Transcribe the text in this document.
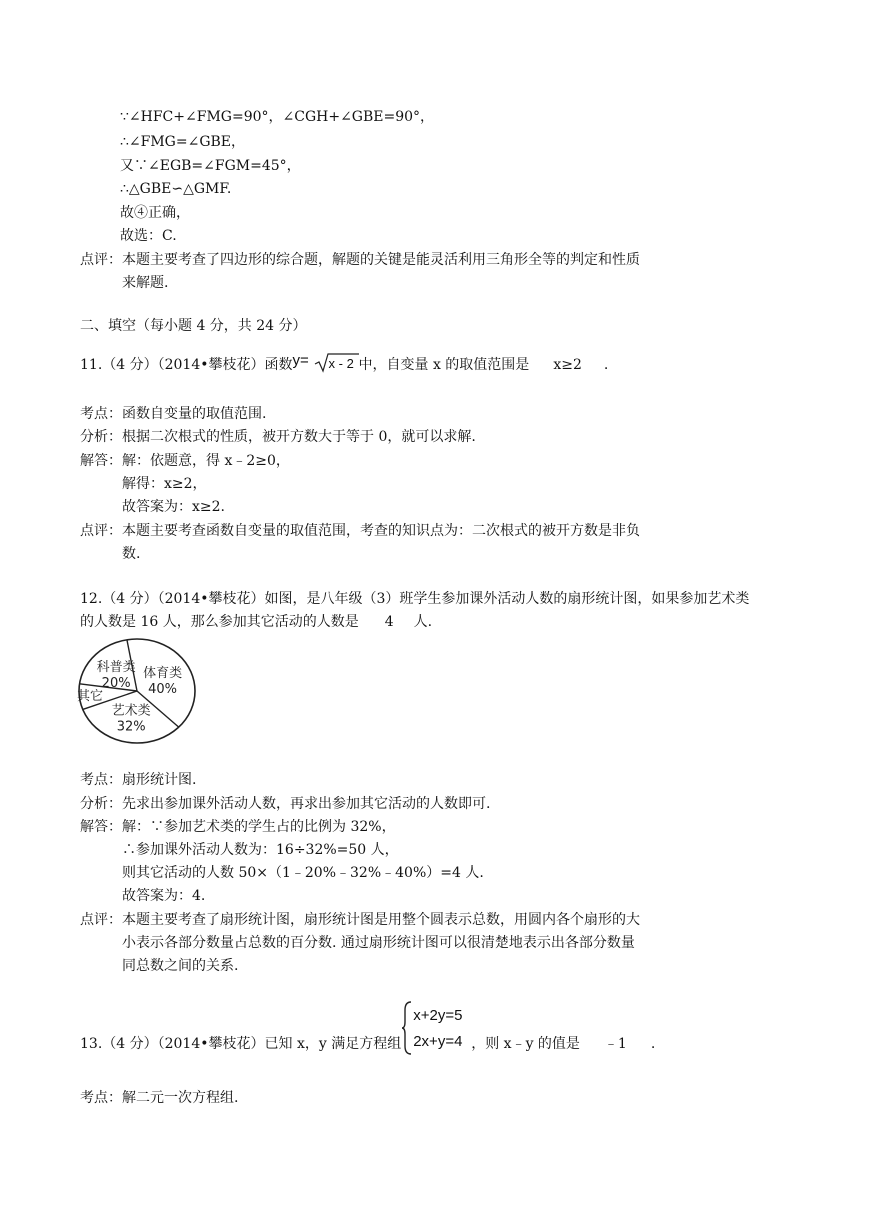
∵∠HFC+∠FMG=90°，∠CGH+∠GBE=90°，
∴∠FMG=∠GBE，
又∵∠EGB=∠FGM=45°，
∴△GBE∽△GMF.
故④正确，
故选：C.
点评： 本题主要考查了四边形的综合题，解题的关键是能灵活利用三角形全等的判定和性质
来解题.
二、填空（每小题 4 分，共 24 分）
11.（4 分）（2014•攀枝花）函数 y= x - 2 中，自变量 x 的取值范围是 x≥2 .
考点： 函数自变量的取值范围.
分析： 根据二次根式的性质，被开方数大于等于 0，就可以求解.
解答： 解：依题意，得 x﹣2≥0，
解得：x≥2，
故答案为：x≥2.
点评： 本题主要考查函数自变量的取值范围，考查的知识点为：二次根式的被开方数是非负
数.
12.（4 分）（2014•攀枝花）如图，是八年级（3）班学生参加课外活动人数的扇形统计图，如果参加艺术类
的人数是 16 人，那么参加其它活动的人数是 4 人.
科普类
20%
体育类
40%
艺术类
32%
其它
考点： 扇形统计图.
分析： 先求出参加课外活动人数，再求出参加其它活动的人数即可.
解答： 解：∵参加艺术类的学生占的比例为 32%，
∴参加课外活动人数为：16÷32%=50 人，
则其它活动的人数 50×（1﹣20%﹣32%﹣40%）=4 人.
故答案为：4.
点评： 本题主要考查了扇形统计图，扇形统计图是用整个圆表示总数，用圆内各个扇形的大
小表示各部分数量占总数的百分数. 通过扇形统计图可以很清楚地表示出各部分数量
同总数之间的关系.
13.（4 分）（2014•攀枝花）已知 x，y 满足方程组
x+2y=5
2x+y=4 ，则 x﹣y 的值是 ﹣1 .
考点： 解二元一次方程组.
